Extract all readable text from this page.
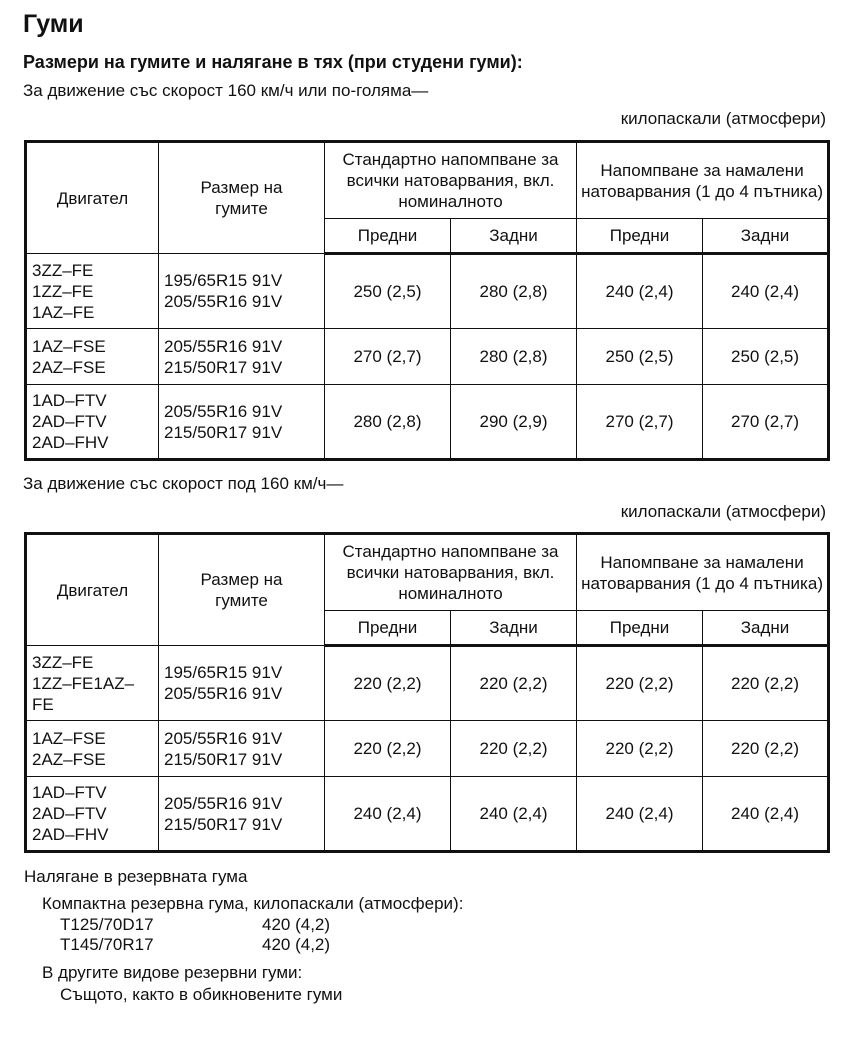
Гуми
Размери на гумите и налягане в тях (при студени гуми):
За движение със скорост 160 км/ч или по-голяма—
килопаскали (атмосфери)
Двигател	Размер на гумите	Стандартно напомпване за всички натоварвания, вкл. номиналното		Напомпване за намалени натоварвания (1 до 4 пътника)	
		Предни	Задни	Предни	Задни

3ZZ–FE
1ZZ–FE
1AZ–FE	195/65R15 91V
205/55R16 91V	250 (2,5)	280 (2,8)	240 (2,4)	240 (2,4)

1AZ–FSE
2AZ–FSE	205/55R16 91V
215/50R17 91V	270 (2,7)	280 (2,8)	250 (2,5)	250 (2,5)

1AD–FTV
2AD–FTV
2AD–FHV	205/55R16 91V
215/50R17 91V	280 (2,8)	290 (2,9)	270 (2,7)	270 (2,7)
За движение със скорост под 160 км/ч—
килопаскали (атмосфери)
Двигател	Размер на гумите	Стандартно напомпване за всички натоварвания, вкл. номиналното		Напомпване за намалени натоварвания (1 до 4 пътника)	
		Предни	Задни	Предни	Задни

3ZZ–FE
1ZZ–FE1AZ–
FE	195/65R15 91V
205/55R16 91V	220 (2,2)	220 (2,2)	220 (2,2)	220 (2,2)

1AZ–FSE
2AZ–FSE	205/55R16 91V
215/50R17 91V	220 (2,2)	220 (2,2)	220 (2,2)	220 (2,2)

1AD–FTV
2AD–FTV
2AD–FHV	205/55R16 91V
215/50R17 91V	240 (2,4)	240 (2,4)	240 (2,4)	240 (2,4)
Налягане в резервната гума
Компактна резервна гума, килопаскали (атмосфери):
T125/70D17	420 (4,2)
T145/70R17	420 (4,2)
В другите видове резервни гуми:
Същото, както в обикновените гуми
